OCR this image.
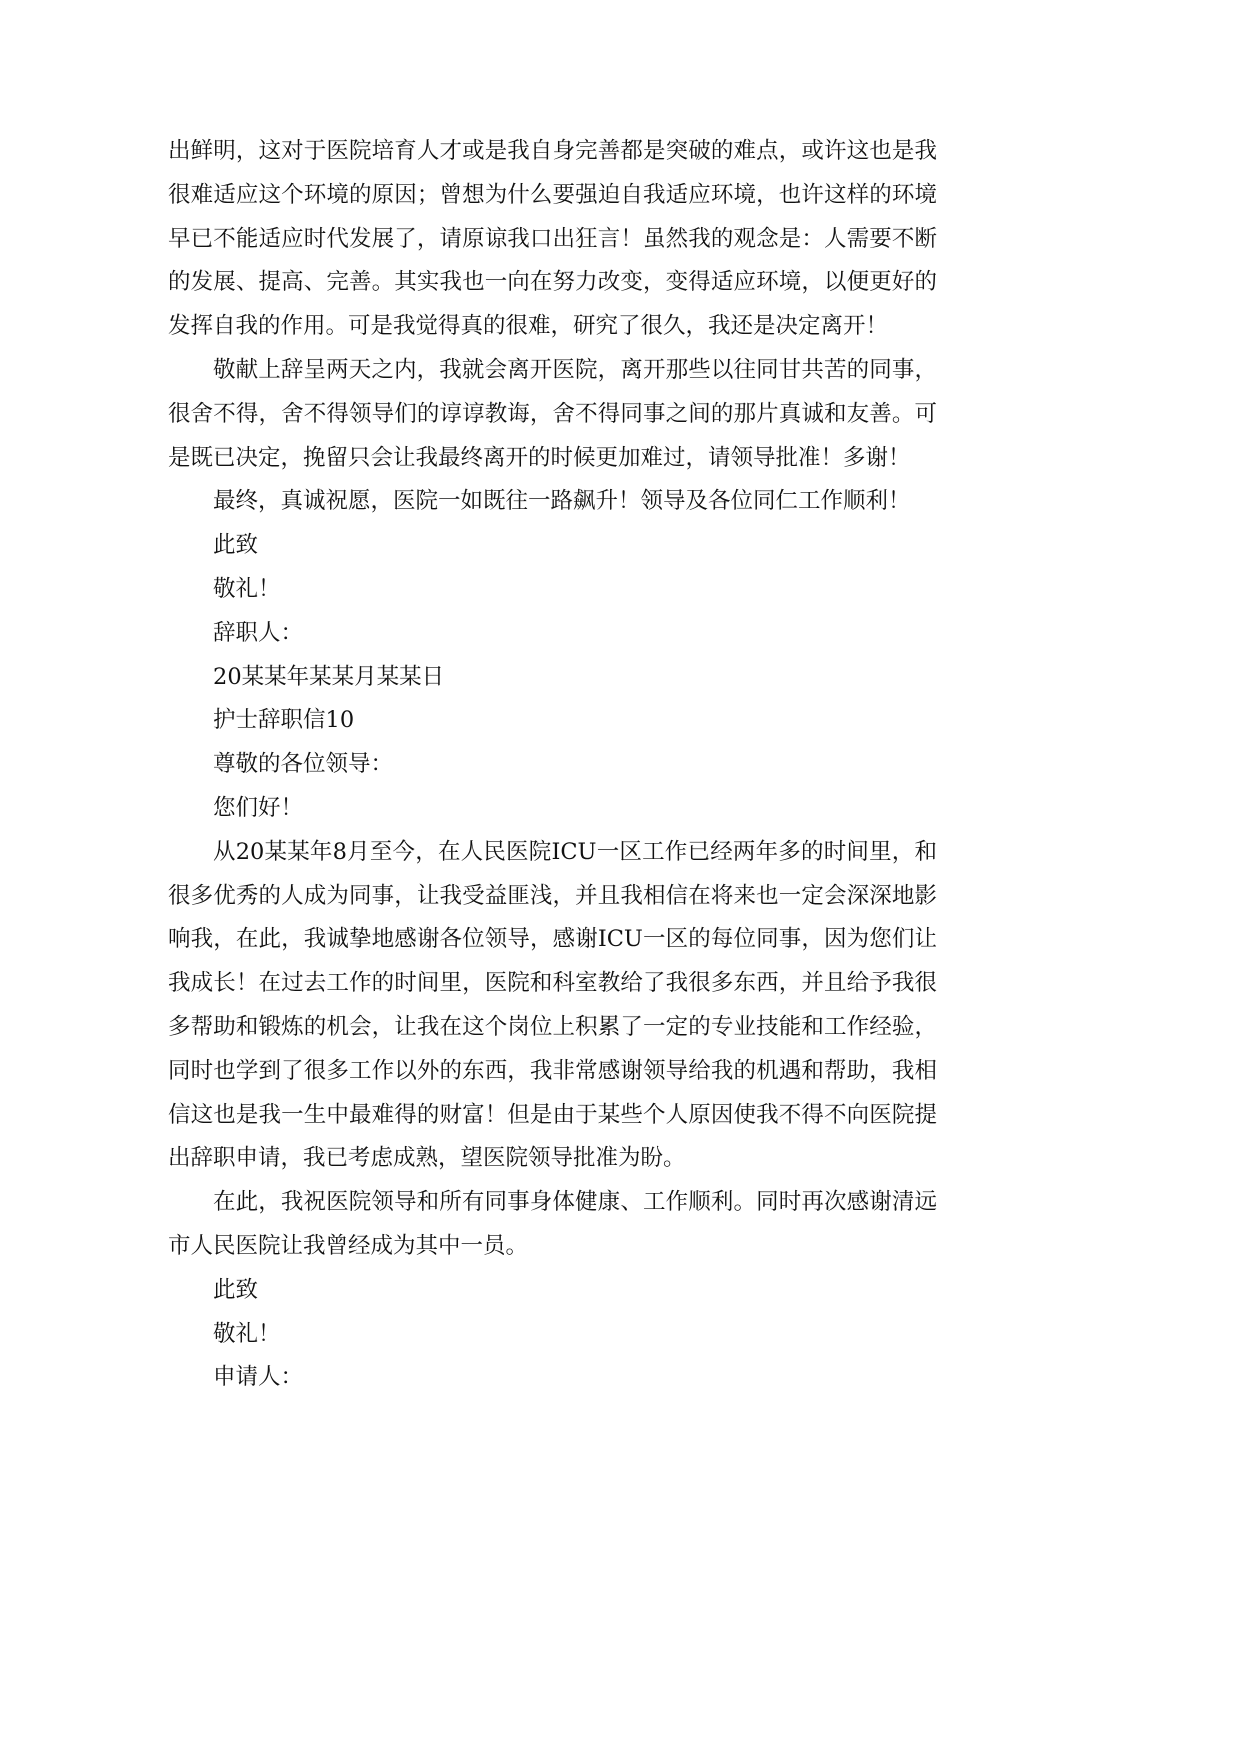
出鲜明，这对于医院培育人才或是我自身完善都是突破的难点，或许这也是我
很难适应这个环境的原因；曾想为什么要强迫自我适应环境，也许这样的环境
早已不能适应时代发展了，请原谅我口出狂言！虽然我的观念是：人需要不断
的发展、提高、完善。其实我也一向在努力改变，变得适应环境，以便更好的
发挥自我的作用。可是我觉得真的很难，研究了很久，我还是决定离开！
敬献上辞呈两天之内，我就会离开医院，离开那些以往同甘共苦的同事，
很舍不得，舍不得领导们的谆谆教诲，舍不得同事之间的那片真诚和友善。可
是既已决定，挽留只会让我最终离开的时候更加难过，请领导批准！多谢！
最终，真诚祝愿，医院一如既往一路飙升！领导及各位同仁工作顺利！
此致
敬礼！
辞职人：
20某某年某某月某某日
护士辞职信10
尊敬的各位领导：
您们好！
从20某某年8月至今，在人民医院ICU一区工作已经两年多的时间里，和
很多优秀的人成为同事，让我受益匪浅，并且我相信在将来也一定会深深地影
响我，在此，我诚挚地感谢各位领导，感谢ICU一区的每位同事，因为您们让
我成长！在过去工作的时间里，医院和科室教给了我很多东西，并且给予我很
多帮助和锻炼的机会，让我在这个岗位上积累了一定的专业技能和工作经验，
同时也学到了很多工作以外的东西，我非常感谢领导给我的机遇和帮助，我相
信这也是我一生中最难得的财富！但是由于某些个人原因使我不得不向医院提
出辞职申请，我已考虑成熟，望医院领导批准为盼。
在此，我祝医院领导和所有同事身体健康、工作顺利。同时再次感谢清远
市人民医院让我曾经成为其中一员。
此致
敬礼！
申请人：
